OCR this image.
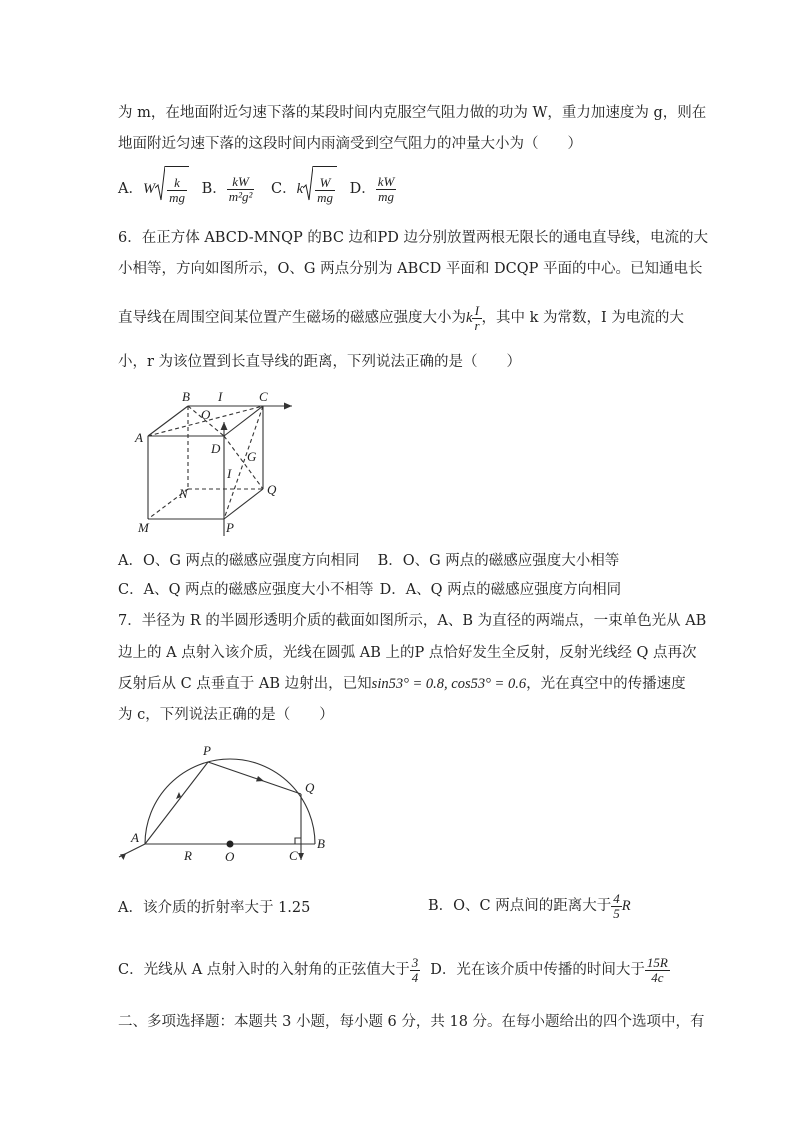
为 m，在地面附近匀速下落的某段时间内克服空气阻力做的功为 W，重力加速度为 g，则在
地面附近匀速下落的这段时间内雨滴受到空气阻力的冲量大小为（　　）
A．W $\frac{k}{mg}$ B． $\frac{kW}{\text{m²g²}}$ C．k $\frac{W}{mg}$ D． $\frac{kW}{mg}$
6．在正方体 ABCD-MNQP 的BC 边和PD 边分别放置两根无限长的通电直导线，电流的大
小相等，方向如图所示，O、G 两点分别为 ABCD 平面和 DCQP 平面的中心。已知通电长
直导线在周围空间某位置产生磁场的磁感应强度大小为k $\frac{I}{r}$ ，其中 k 为常数，I 为电流的大
小，r 为该位置到长直导线的距离，下列说法正确的是（　　）
B I	C
O
A
D
G
I
N	Q
M	P
A．O、G 两点的磁感应强度方向相同 B．O、G 两点的磁感应强度大小相等
C．A、Q 两点的磁感应强度大小不相等 D．A、Q 两点的磁感应强度方向相同
7．半径为 R 的半圆形透明介质的截面如图所示，A、B 为直径的两端点，一束单色光从 AB
边上的 A 点射入该介质，光线在圆弧 AB 上的P 点恰好发生全反射，反射光线经 Q 点再次
反射后从 C 点垂直于 AB 边射出，已知sin53° = 0.8, cos53° = 0.6，光在真空中的传播速度
为 c，下列说法正确的是（　　）
P
Q
A
R	O	C
B
A．该介质的折射率大于 1.25	B．O、C 两点间的距离大于 $\frac{4}{5}$ R
C．光线从 A 点射入时的入射角的正弦值大于 $\frac{3}{4}$ D．光在该介质中传播的时间大于 $\frac{15R}{4c}$
二、多项选择题：本题共 3 小题，每小题 6 分，共 18 分。在每小题给出的四个选项中，有
